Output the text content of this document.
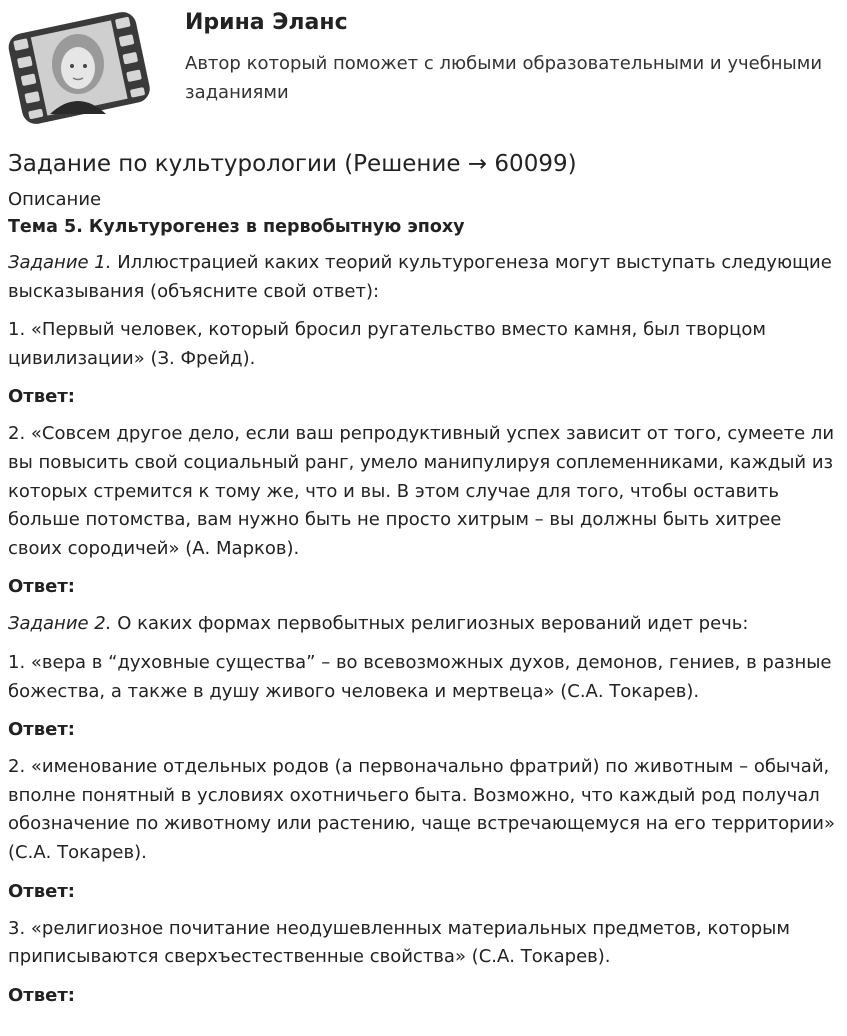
Ирина Эланс
Автор который поможет с любыми образовательными и учебными заданиями
Задание по культурологии (Решение → 60099)
Описание
Тема 5. Культурогенез в первобытную эпоху
Задание 1. Иллюстрацией каких теорий культурогенеза могут выступать следующие высказывания (объясните свой ответ):
1. «Первый человек, который бросил ругательство вместо камня, был творцом цивилизации» (З. Фрейд).
Ответ:
2. «Совсем другое дело, если ваш репродуктивный успех зависит от того, сумеете ли вы повысить свой социальный ранг, умело манипулируя соплеменниками, каждый из которых стремится к тому же, что и вы. В этом случае для того, чтобы оставить больше потомства, вам нужно быть не просто хитрым – вы должны быть хитрее своих сородичей» (А. Марков).
Ответ:
Задание 2. О каких формах первобытных религиозных верований идет речь:
1. «вера в “духовные существа” – во всевозможных духов, демонов, гениев, в разные божества, а также в душу живого человека и мертвеца» (С.А. Токарев).
Ответ:
2. «именование отдельных родов (а первоначально фратрий) по животным – обычай, вполне понятный в условиях охотничьего быта. Возможно, что каждый род получал обозначение по животному или растению, чаще встречающемуся на его территории» (С.А. Токарев).
Ответ:
3. «религиозное почитание неодушевленных материальных предметов, которым приписываются сверхъестественные свойства» (С.А. Токарев).
Ответ:
